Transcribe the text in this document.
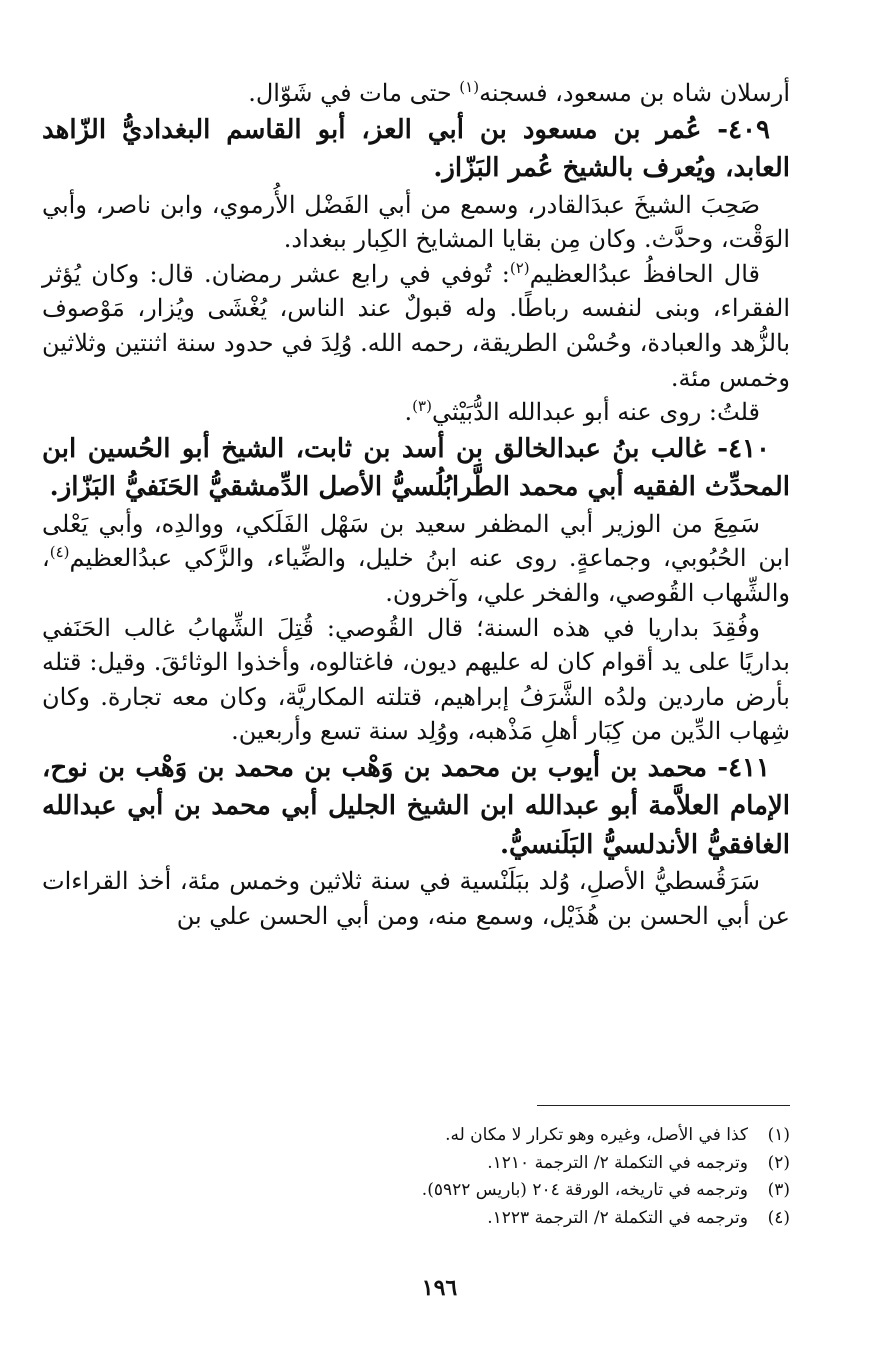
أرسلان شاه بن مسعود، فسجنه$^{(١)}$ حتى مات في شَوّال.

٤٠٩- عُمر بن مسعود بن أبي العز، أبو القاسم البغداديُّ الزّاهد العابد، ويُعرف بالشيخ عُمر البَزّاز.

صَحِبَ الشيخَ عبدَالقادر، وسمع من أبي الفَضْل الأُرموي، وابن ناصر، وأبي الوَقْت، وحدَّث. وكان مِن بقايا المشايخ الكِبار ببغداد.

قال الحافظُ عبدُالعظيم$^{(٢)}$: تُوفي في رابع عشر رمضان. قال: وكان يُؤثر الفقراء، وبنى لنفسه رباطًا. وله قبولٌ عند الناس، يُغْشَى ويُزار، مَوْصوف بالزُّهد والعبادة، وحُسْن الطريقة، رحمه الله. وُلِدَ في حدود سنة اثنتين وثلاثين وخمس مئة.

قلتُ: روى عنه أبو عبدالله الدُّبَيْثي$^{(٣)}$.

٤١٠- غالب بنُ عبدالخالق بن أسد بن ثابت، الشيخ أبو الحُسين ابن المحدِّث الفقيه أبي محمد الطَّرابُلُسيُّ الأصل الدِّمشقيُّ الحَنَفيُّ البَزّاز.

سَمِعَ من الوزير أبي المظفر سعيد بن سَهْل الفَلَكي، ووالدِه، وأبي يَعْلى ابن الحُبُوبي، وجماعةٍ. روى عنه ابنُ خليل، والضِّياء، والزَّكي عبدُالعظيم$^{(٤)}$، والشِّهاب القُوصي، والفخر علي، وآخرون.

وفُقِدَ بداريا في هذه السنة؛ قال القُوصي: قُتِلَ الشِّهابُ غالب الحَنَفي بداريًا على يد أقوام كان له عليهم ديون، فاغتالوه، وأخذوا الوثائقَ. وقيل: قتله بأرض ماردين ولدُه الشَّرَفُ إبراهيم، قتلته المكاريَّة، وكان معه تجارة. وكان شِهاب الدِّين من كِبَار أهلِ مَذْهبه، ووُلِد سنة تسع وأربعين.

٤١١- محمد بن أيوب بن محمد بن وَهْب بن محمد بن وَهْب بن نوح، الإمام العلاَّمة أبو عبدالله ابن الشيخ الجليل أبي محمد بن أبي عبدالله الغافقيُّ الأندلسيُّ البَلَنسيُّ.

سَرَقُسطيُّ الأصلِ، وُلد ببَلَنْسية في سنة ثلاثين وخمس مئة، أخذ القراءات عن أبي الحسن بن هُذَيْل، وسمع منه، ومن أبي الحسن علي بن

(١)
كذا في الأصل، وغيره وهو تكرار لا مكان له.
(٢)
وترجمه في التكملة ٢/ الترجمة ١٢١٠.
(٣)
وترجمه في تاريخه، الورقة ٢٠٤ (باريس ٥٩٢٢).
(٤)
وترجمه في التكملة ٢/ الترجمة ١٢٢٣.
١٩٦
